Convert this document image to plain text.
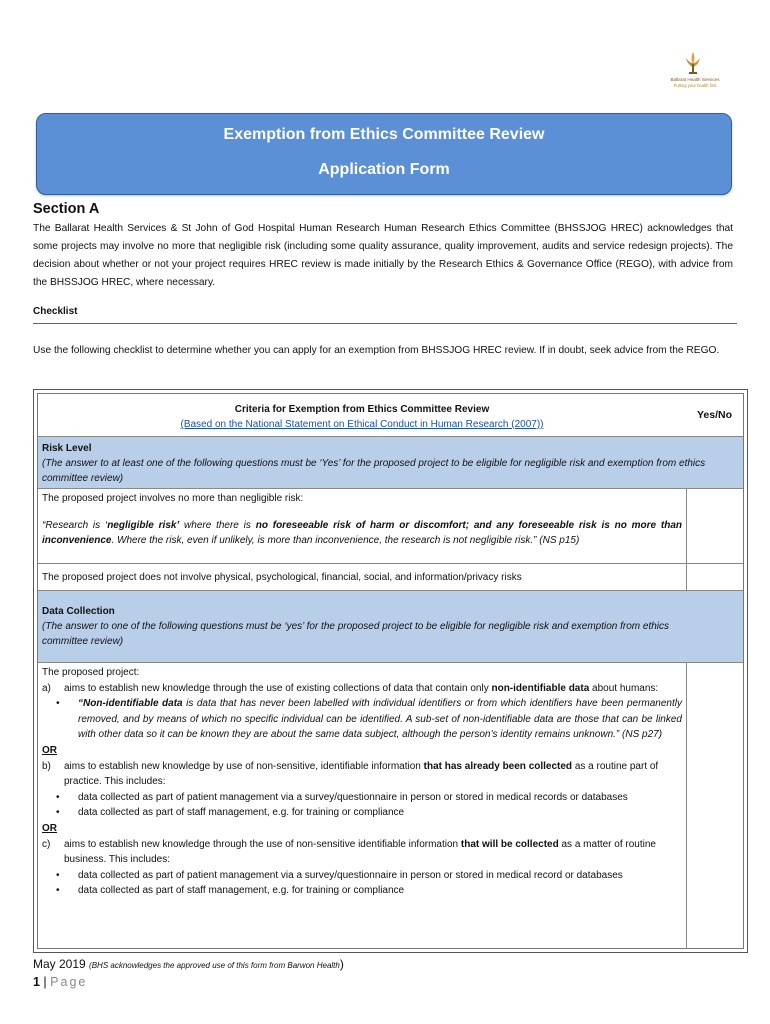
Ballarat Health Services
Putting your health first
Exemption from Ethics Committee Review
Application Form
Section A
The Ballarat Health Services & St John of God Hospital Human Research Human Research Ethics Committee (BHSSJOG HREC) acknowledges that some projects may involve no more that negligible risk (including some quality assurance, quality improvement, audits and service redesign projects). The decision about whether or not your project requires HREC review is made initially by the Research Ethics & Governance Office (REGO), with advice from the BHSSJOG HREC, where necessary.
Checklist
Use the following checklist to determine whether you can apply for an exemption from BHSSJOG HREC review. If in doubt, seek advice from the REGO.
Criteria for Exemption from Ethics Committee Review
(Based on the National Statement on Ethical Conduct in Human Research (2007))
Yes/No
Risk Level
(The answer to at least one of the following questions must be ‘Yes’ for the proposed project to be eligible for negligible risk and exemption from ethics committee review)
The proposed project involves no more than negligible risk:
“Research is ‘negligible risk’ where there is no foreseeable risk of harm or discomfort; and any foreseeable risk is no more than inconvenience. Where the risk, even if unlikely, is more than inconvenience, the research is not negligible risk.” (NS p15)
The proposed project does not involve physical, psychological, financial, social, and information/privacy risks
Data Collection
(The answer to one of the following questions must be ‘yes’ for the proposed project to be eligible for negligible risk and exemption from ethics committee review)
The proposed project:
a) aims to establish new knowledge through the use of existing collections of data that contain only non-identifiable data about humans:
• “Non-identifiable data is data that has never been labelled with individual identifiers or from which identifiers have been permanently removed, and by means of which no specific individual can be identified. A sub-set of non-identifiable data are those that can be linked with other data so it can be known they are about the same data subject, although the person’s identity remains unknown.” (NS p27)
OR
b) aims to establish new knowledge by use of non-sensitive, identifiable information that has already been collected as a routine part of practice. This includes:
• data collected as part of patient management via a survey/questionnaire in person or stored in medical records or databases
• data collected as part of staff management, e.g. for training or compliance
OR
c) aims to establish new knowledge through the use of non-sensitive identifiable information that will be collected as a matter of routine business. This includes:
• data collected as part of patient management via a survey/questionnaire in person or stored in medical record or databases
• data collected as part of staff management, e.g. for training or compliance
May 2019 (BHS acknowledges the approved use of this form from Barwon Health)
1 | Page
